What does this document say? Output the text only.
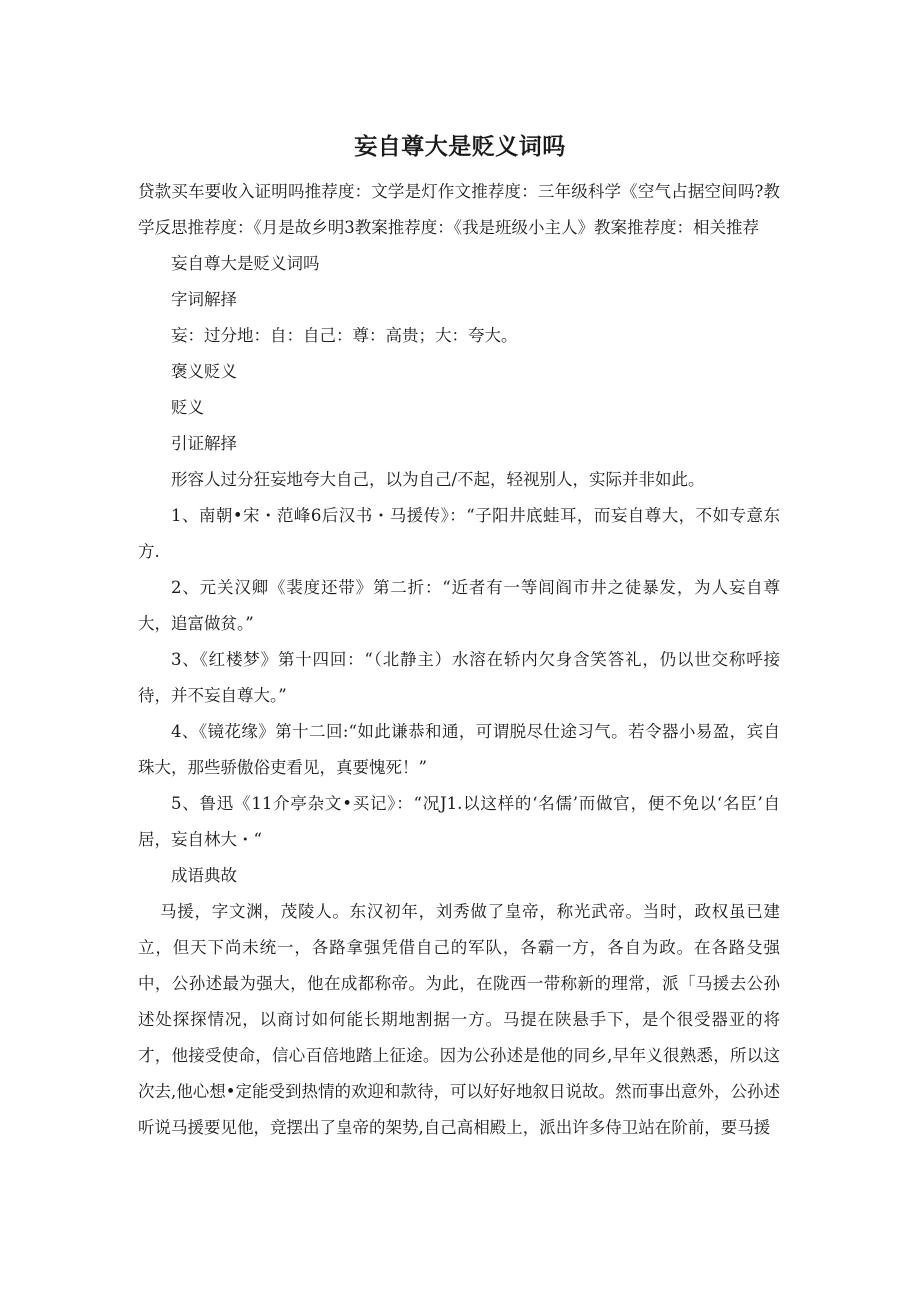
妄自尊大是贬义词吗

贷款买车要收入证明吗推荐度：文学是灯作文推荐度：三年级科学《空气占据空间吗?教学反思推荐度：《月是故乡明3教案推荐度：《我是班级小主人》教案推荐度：相关推荐

妄自尊大是贬义词吗

字词解择

妄：过分地：自：自己：尊：高贵；大：夸大。

褒义贬义

贬义

引证解择

形容人过分狂妄地夸大自己，以为自己/不起，轻视别人，实际并非如此。

1、南朝•宋・范峰6后汉书・马援传》：“子阳井底蛙耳，而妄自尊大，不如专意东方.

2、元关汉卿《裴度还带》第二折：“近者有一等闾阎市井之徒暴发，为人妄自尊大，追富做贫。”

3、《红楼梦》第十四回：“（北静主）水溶在轿内欠身含笑答礼，仍以世交称呼接待，并不妄自尊大。”

4、《镜花缘》第十二回:“如此谦恭和通，可谓脱尽仕途习气。若令器小易盈，宾自珠大，那些骄傲俗吏看见，真要愧死！”

5、鲁迅《11介亭杂文•买记》：“况J1.以这样的‘名儒’而做官，便不免以‘名臣’自居，妄自林大・“

成语典故

马援，字文渊，茂陵人。东汉初年，刘秀做了皇帝，称光武帝。当时，政权虽已建立，但天下尚未统一，各路拿强凭借自己的军队，各霸一方，各自为政。在各路殳强中，公孙述最为强大，他在成都称帝。为此，在陇西一带称新的理常，派「马援去公孙述处探探情况，以商讨如何能长期地割据一方。马提在陕悬手下，是个很受器亚的将才，他接受使命，信心百倍地踏上征途。因为公孙述是他的同乡,早年义很熟悉，所以这次去,他心想•定能受到热情的欢迎和款待，可以好好地叙日说故。然而事出意外，公孙述听说马援要见他，竞摆出了皇帝的架势,自己高相殿上，派出许多侍卫站在阶前，要马援
